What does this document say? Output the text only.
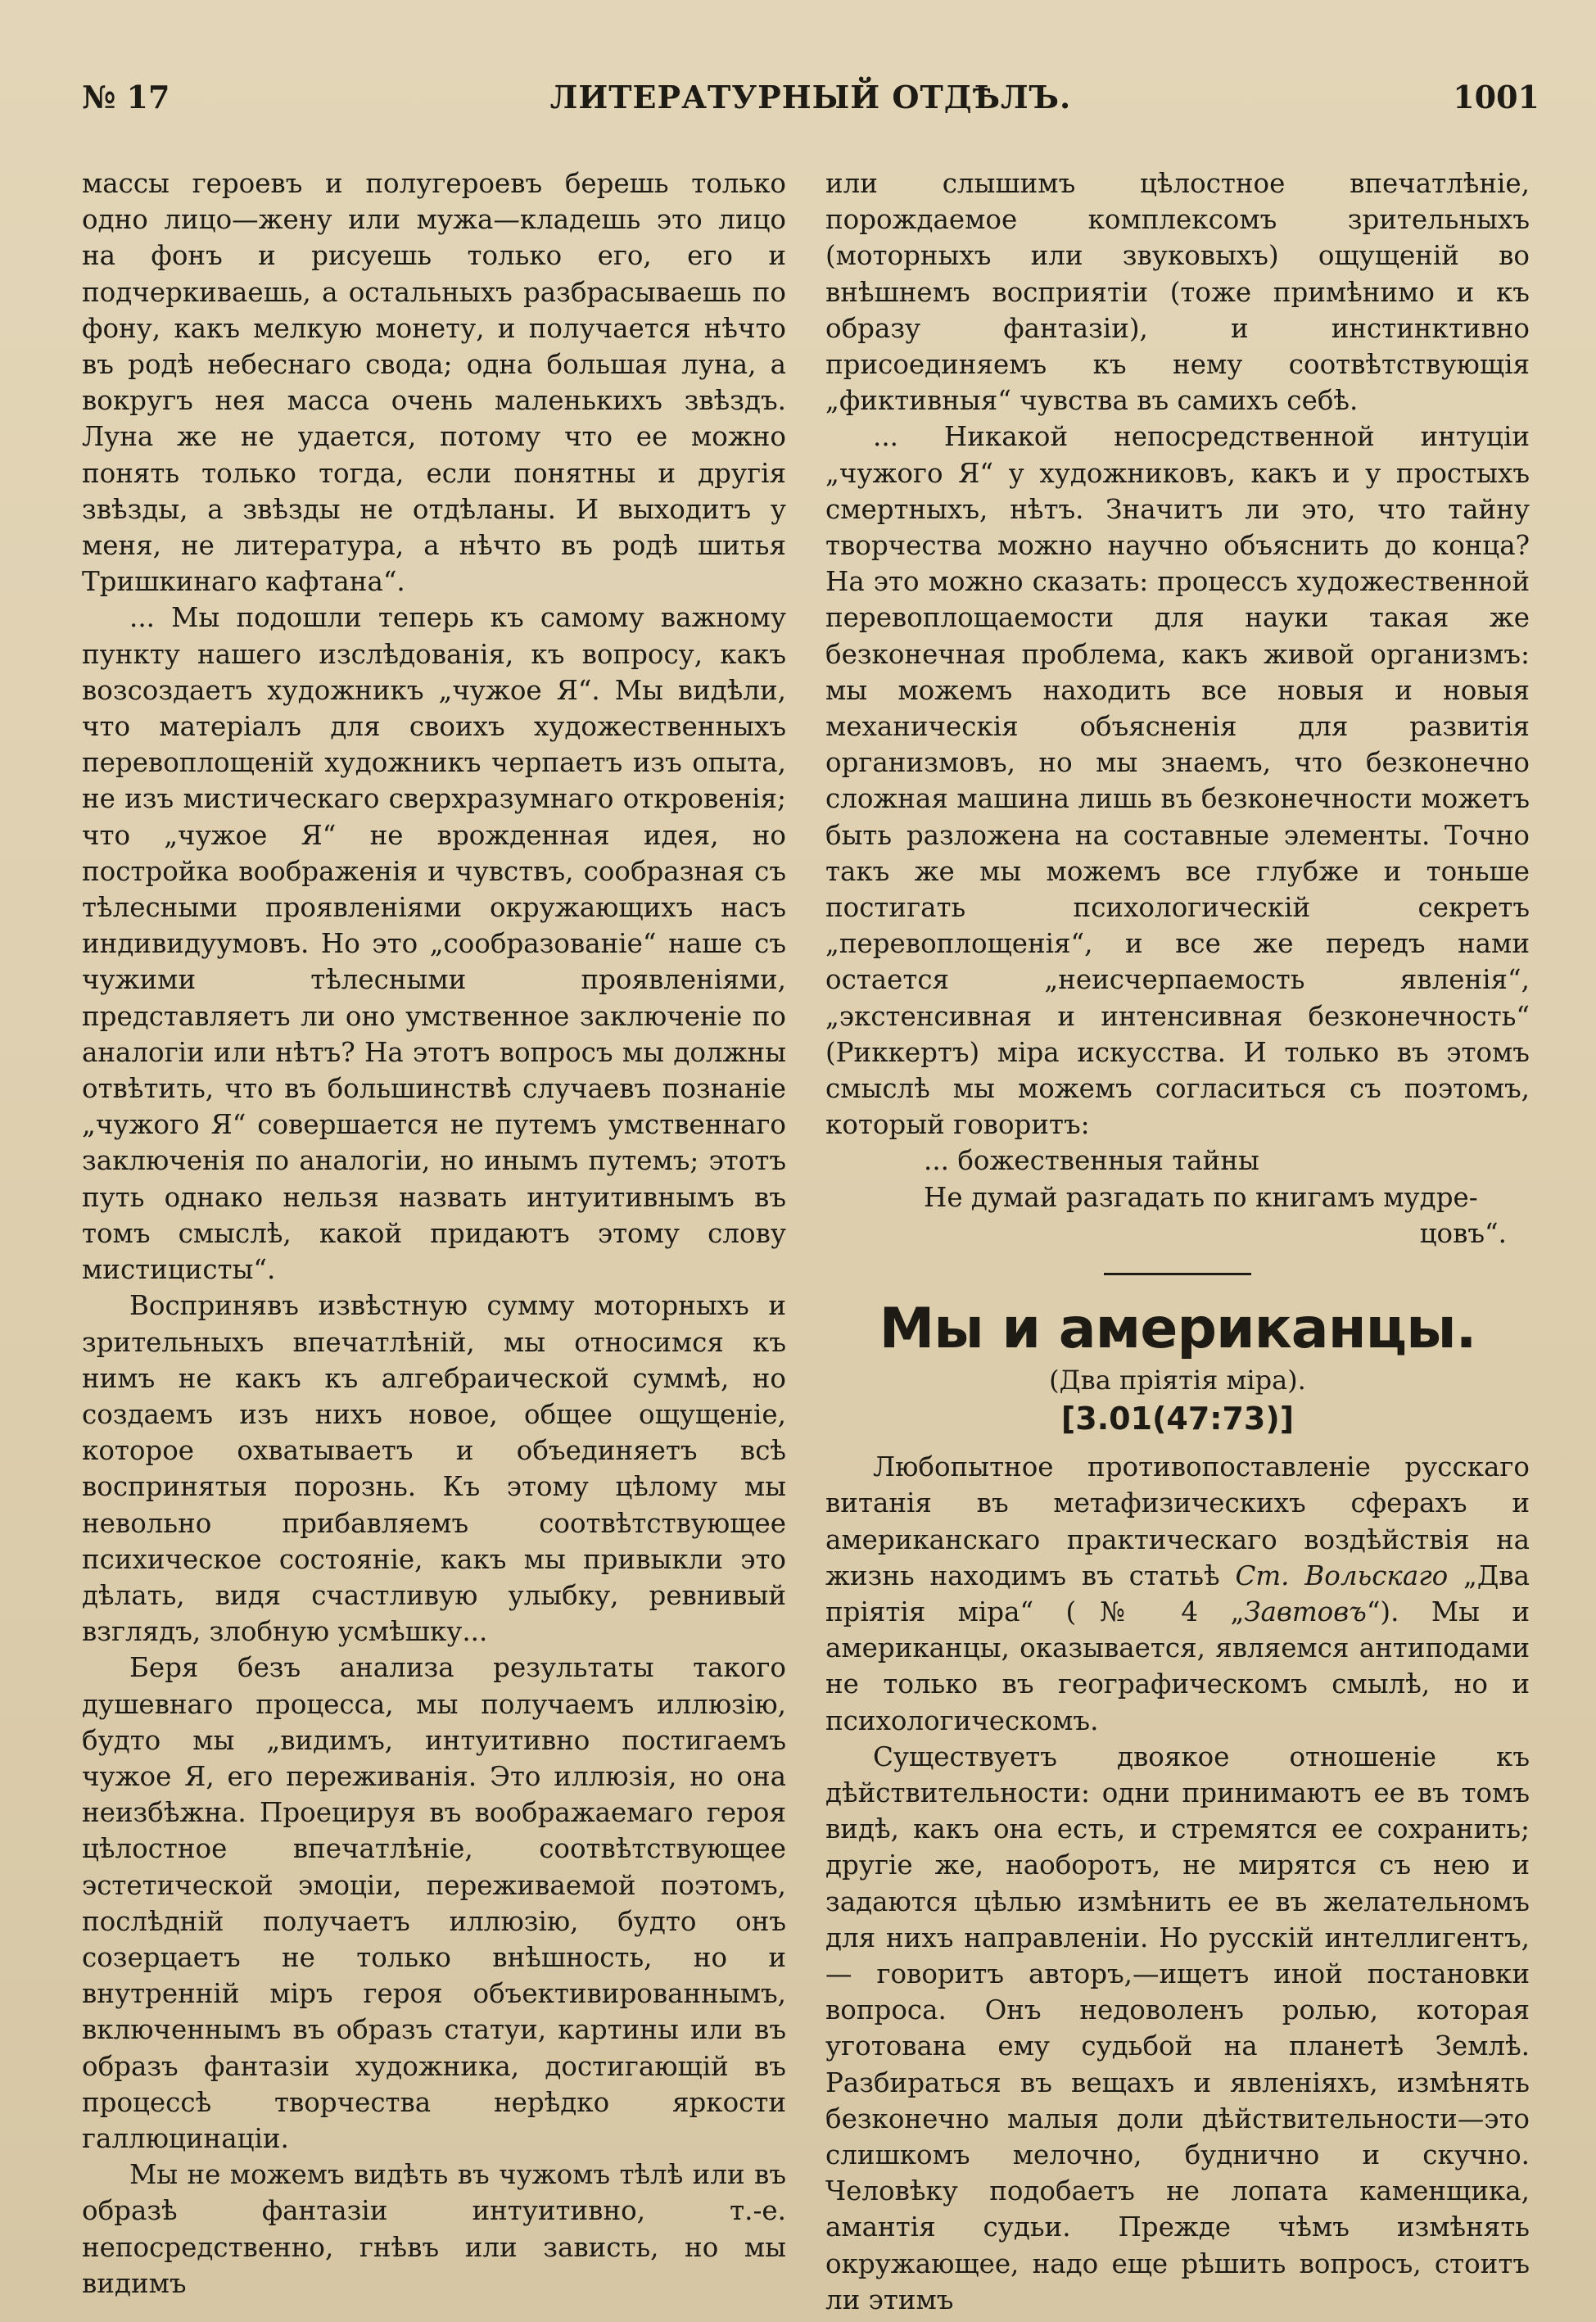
№ 17	ЛИТЕРАТУРНЫЙ ОТДѢЛЪ.	1001

массы героевъ и полугероевъ берешь только одно лицо—жену или мужа—кладешь это лицо на фонъ и рисуешь только его, его и подчеркиваешь, а остальныхъ разбрасываешь по фону, какъ мелкую монету, и получается нѣчто въ родѣ небеснаго свода; одна большая луна, а вокругъ нея масса очень маленькихъ звѣздъ. Луна же не удается, потому что ее можно понять только тогда, если понятны и другія звѣзды, а звѣзды не отдѣланы. И выходитъ у меня, не литература, а нѣчто въ родѣ шитья Тришкинаго кафтана“.

... Мы подошли теперь къ самому важному пункту нашего изслѣдованія, къ вопросу, какъ возсоздаетъ художникъ „чужое Я“. Мы видѣли, что матеріалъ для своихъ художественныхъ перевоплощеній художникъ черпаетъ изъ опыта, не изъ мистическаго сверхразумнаго откровенія; что „чужое Я“ не врожденная идея, но постройка воображенія и чувствъ, сообразная съ тѣлесными проявленіями окружающихъ насъ индивидуумовъ. Но это „сообразованіе“ наше съ чужими тѣлесными проявленіями, представляетъ ли оно умственное заключеніе по аналогіи или нѣтъ? На этотъ вопросъ мы должны отвѣтить, что въ большинствѣ случаевъ познаніе „чужого Я“ совершается не путемъ умственнаго заключенія по аналогіи, но инымъ путемъ; этотъ путь однако нельзя назвать интуитивнымъ въ томъ смыслѣ, какой придаютъ этому слову мистицисты“.

Воспринявъ извѣстную сумму моторныхъ и зрительныхъ впечатлѣній, мы относимся къ нимъ не какъ къ алгебраической суммѣ, но создаемъ изъ нихъ новое, общее ощущеніе, которое охватываетъ и объединяетъ всѣ воспринятыя порознь. Къ этому цѣлому мы невольно прибавляемъ соотвѣтствующее психическое состояніе, какъ мы привыкли это дѣлать, видя счастливую улыбку, ревнивый взглядъ, злобную усмѣшку...

Беря безъ анализа результаты такого душевнаго процесса, мы получаемъ иллюзію, будто мы „видимъ, интуитивно постигаемъ чужое Я, его переживанія. Это иллюзія, но она неизбѣжна. Проецируя въ воображаемаго героя цѣлостное впечатлѣніе, соотвѣтствующее эстетической эмоціи, переживаемой поэтомъ, послѣдній получаетъ иллюзію, будто онъ созерцаетъ не только внѣшность, но и внутренній міръ героя объективированнымъ, включеннымъ въ образъ статуи, картины или въ образъ фантазіи художника, достигающій въ процессѣ творчества нерѣдко яркости галлюцинаціи.

Мы не можемъ видѣть въ чужомъ тѣлѣ или въ образѣ фантазіи интуитивно, т.-е. непосредственно, гнѣвъ или зависть, но мы видимъ

или слышимъ цѣлостное впечатлѣніе, порождаемое комплексомъ зрительныхъ (моторныхъ или звуковыхъ) ощущеній во внѣшнемъ восприятіи (тоже примѣнимо и къ образу фантазіи), и инстинктивно присоединяемъ къ нему соотвѣтствующія „фиктивныя“ чувства въ самихъ себѣ.

... Никакой непосредственной интуціи „чужого Я“ у художниковъ, какъ и у простыхъ смертныхъ, нѣтъ. Значитъ ли это, что тайну творчества можно научно объяснить до конца? На это можно сказать: процессъ художественной перевоплощаемости для науки такая же безконечная проблема, какъ живой организмъ: мы можемъ находить все новыя и новыя механическія объясненія для развитія организмовъ, но мы знаемъ, что безконечно сложная машина лишь въ безконечности можетъ быть разложена на составные элементы. Точно такъ же мы можемъ все глубже и тоньше постигать психологическій секретъ „перевоплощенія“, и все же передъ нами остается „неисчерпаемость явленія“, „экстенсивная и интенсивная безконечность“ (Риккертъ) міра искусства. И только въ этомъ смыслѣ мы можемъ согласиться съ поэтомъ, который говоритъ:

... божественныя тайны
Не думай разгадать по книгамъ мудре-
цовъ“.
Мы и американцы.
(Два пріятія міра).
[3.01(47:73)]

Любопытное противопоставленіе русскаго витанія въ метафизическихъ сферахъ и американскаго практическаго воздѣйствія на жизнь находимъ въ статьѣ Ст. Вольскаго „Два пріятія міра“ (№ 4 „Завтовъ“). Мы и американцы, оказывается, являемся антиподами не только въ географическомъ смылѣ, но и психологическомъ.

Существуетъ двоякое отношеніе къ дѣйствительности: одни принимаютъ ее въ томъ видѣ, какъ она есть, и стремятся ее сохранить; другіе же, наоборотъ, не мирятся съ нею и задаются цѣлью измѣнить ее въ желательномъ для нихъ направленіи. Но русскій интеллигентъ, — говоритъ авторъ,—ищетъ иной постановки вопроса. Онъ недоволенъ ролью, которая уготована ему судьбой на планетѣ Землѣ. Разбираться въ вещахъ и явленіяхъ, измѣнять безконечно малыя доли дѣйствительности—это слишкомъ мелочно, буднично и скучно. Человѣку подобаетъ не лопата каменщика, амантія судьи. Прежде чѣмъ измѣнять окружающее, надо еще рѣшить вопросъ, стоитъ ли этимъ
